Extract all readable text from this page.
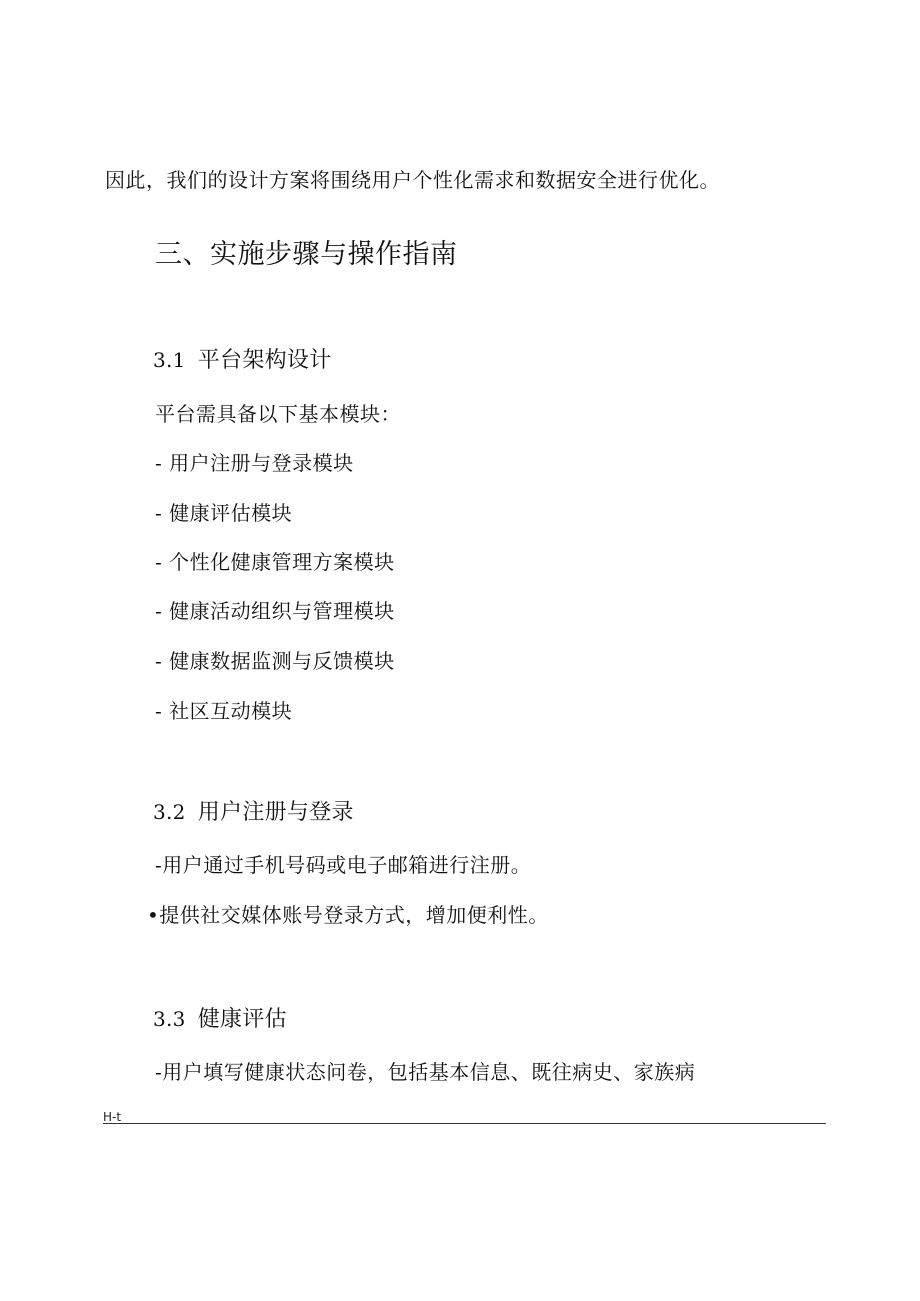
因此，我们的设计方案将围绕用户个性化需求和数据安全进行优化。
三、实施步骤与操作指南
3.1 平台架构设计
平台需具备以下基本模块：
- 用户注册与登录模块
- 健康评估模块
- 个性化健康管理方案模块
- 健康活动组织与管理模块
- 健康数据监测与反馈模块
- 社区互动模块
3.2 用户注册与登录
-用户通过手机号码或电子邮箱进行注册。
•提供社交媒体账号登录方式，增加便利性。
3.3 健康评估
-用户填写健康状态问卷，包括基本信息、既往病史、家族病
H-t
